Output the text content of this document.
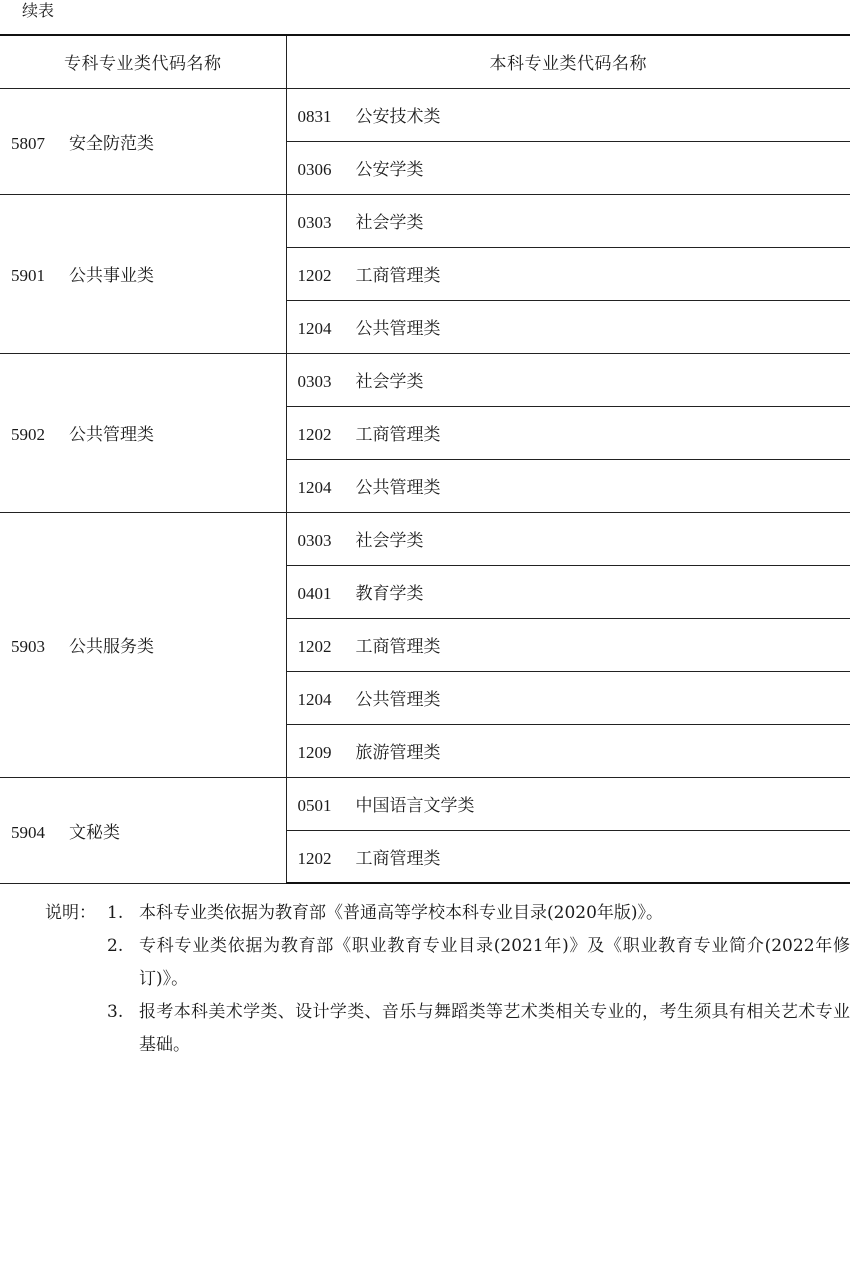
续表
专科专业类代码名称	本科专业类代码名称
5807 安全防范类	0831 公安技术类
	0306 公安学类
5901 公共事业类	0303 社会学类
	1202 工商管理类
	1204 公共管理类
5902 公共管理类	0303 社会学类
	1202 工商管理类
	1204 公共管理类
5903 公共服务类	0303 社会学类
	0401 教育学类
	1202 工商管理类
	1204 公共管理类
	1209 旅游管理类
5904 文秘类	0501 中国语言文学类
	1202 工商管理类
说明： 1. 本科专业类依据为教育部《普通高等学校本科专业目录(2020年版)》。
2. 专科专业类依据为教育部《职业教育专业目录(2021年)》及《职业教育专业简介(2022年修订)》。
3. 报考本科美术学类、设计学类、音乐与舞蹈类等艺术类相关专业的，考生须具有相关艺术专业基础。
